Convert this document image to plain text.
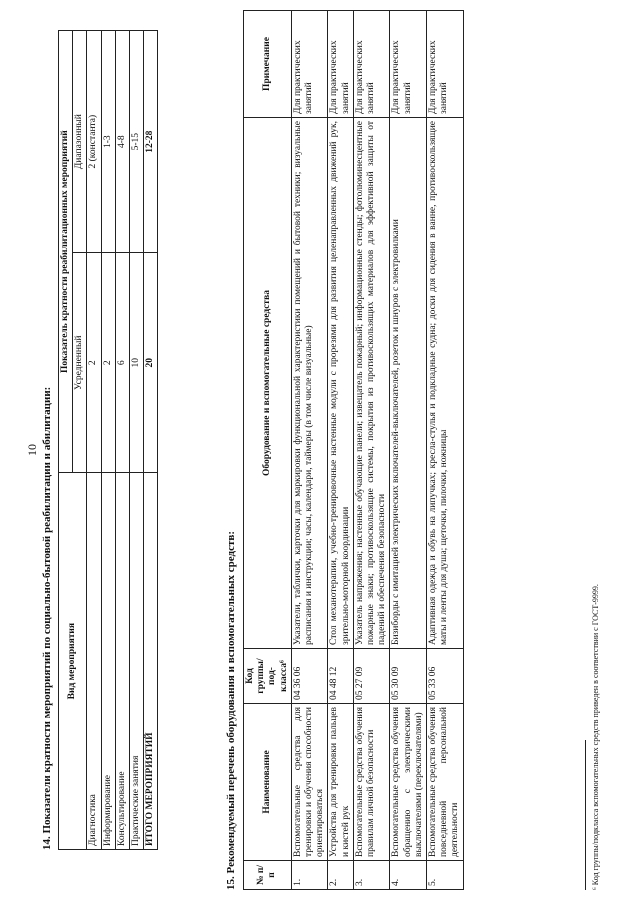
10 14. Показатели кратности мероприятий по социально-бытовой реабилитации и абилитации: Вид мероприятия	Показатель кратности реабилитационных мероприятий	
	Усредненный	Диапазонный
Диагностика	2	2 (константа)
Информирование	2	1-3
Консультирование	6	4-8
Практические занятия	10	5-15
ИТОГО МЕРОПРИЯТИЙ	20	12-28
15. Рекомендуемый перечень оборудования и вспомогательных средств: № п/п	Наименование	Код группы/под-класса⁶	Оборудование и вспомогательные средства	Примечание
1.	Вспомогательные средства для тренировки и обучения способности ориентироваться	04 36 06	Указатели, таблички, карточки для маркировки функциональной характеристики помещений и бытовой техники; визуальные расписания и инструкции; часы, календари, таймеры (в том числе визуальные)	Для практических занятий
2.	Устройства для тренировки пальцев и кистей рук	04 48 12	Стол механотерапии, учебно-тренировочные настенные модули с прорезями для развития целенаправленных движений рук, зрительно-моторной координации	Для практических занятий
3.	Вспомогательные средства обучения правилам личной безопасности	05 27 09	Указатель напряжения; настенные обучающие панели; извещатель пожарный; информационные стенды; фотолюминесцентные пожарные знаки; противоскользящие системы, покрытия из противоскользящих материалов для эффективной защиты от падений и обеспечения безопасности	Для практических занятий
4.	Вспомогательные средства обучения обращению с электрическими выключателями (переключателями)	05 30 09	Бизиборды с имитацией электрических включателей-выключателей, розеток и шнуров с электровилками	Для практических занятий
5.	Вспомогательные средства обучения повседневной персональной деятельности	05 33 06	Адаптивная одежда и обувь на липучках; кресла-стулья и подкладные судна; доски для сидения в ванне, противоскользящие маты и ленты для душа; щеточки, пилочки, ножницы	Для практических занятий
⁶ Код группы/подкласса вспомогательных средств приведен в соответствии с ГОСТ-9999.
